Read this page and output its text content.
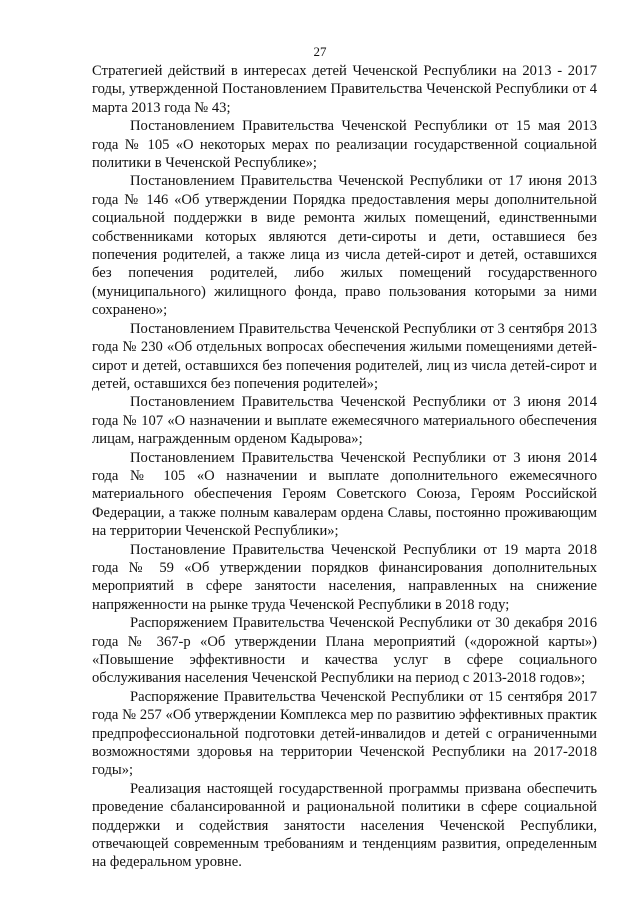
27

Стратегией действий в интересах детей Чеченской Республики на 2013 - 2017 годы, утвержденной Постановлением Правительства Чеченской Республики от 4 марта 2013 года № 43;

Постановлением Правительства Чеченской Республики от 15 мая 2013 года № 105 «О некоторых мерах по реализации государственной социальной политики в Чеченской Республике»;

Постановлением Правительства Чеченской Республики от 17 июня 2013 года № 146 «Об утверждении Порядка предоставления меры дополнительной социальной поддержки в виде ремонта жилых помещений, единственными собственниками которых являются дети-сироты и дети, оставшиеся без попечения родителей, а также лица из числа детей-сирот и детей, оставшихся без попечения родителей, либо жилых помещений государственного (муниципального) жилищного фонда, право пользования которыми за ними сохранено»;

Постановлением Правительства Чеченской Республики от 3 сентября 2013 года № 230 «Об отдельных вопросах обеспечения жилыми помещениями детей-сирот и детей, оставшихся без попечения родителей, лиц из числа детей-сирот и детей, оставшихся без попечения родителей»;

Постановлением Правительства Чеченской Республики от 3 июня 2014 года № 107 «О назначении и выплате ежемесячного материального обеспечения лицам, награжденным орденом Кадырова»;

Постановлением Правительства Чеченской Республики от 3 июня 2014 года № 105 «О назначении и выплате дополнительного ежемесячного материального обеспечения Героям Советского Союза, Героям Российской Федерации, а также полным кавалерам ордена Славы, постоянно проживающим на территории Чеченской Республики»;

Постановление Правительства Чеченской Республики от 19 марта 2018 года № 59 «Об утверждении порядков финансирования дополнительных мероприятий в сфере занятости населения, направленных на снижение напряженности на рынке труда Чеченской Республики в 2018 году;

Распоряжением Правительства Чеченской Республики от 30 декабря 2016 года № 367-р «Об утверждении Плана мероприятий («дорожной карты») «Повышение эффективности и качества услуг в сфере социального обслуживания населения Чеченской Республики на период с 2013-2018 годов»;

Распоряжение Правительства Чеченской Республики от 15 сентября 2017 года № 257 «Об утверждении Комплекса мер по развитию эффективных практик предпрофессиональной подготовки детей-инвалидов и детей с ограниченными возможностями здоровья на территории Чеченской Республики на 2017-2018 годы»;

Реализация настоящей государственной программы призвана обеспечить проведение сбалансированной и рациональной политики в сфере социальной поддержки и содействия занятости населения Чеченской Республики, отвечающей современным требованиям и тенденциям развития, определенным на федеральном уровне.
